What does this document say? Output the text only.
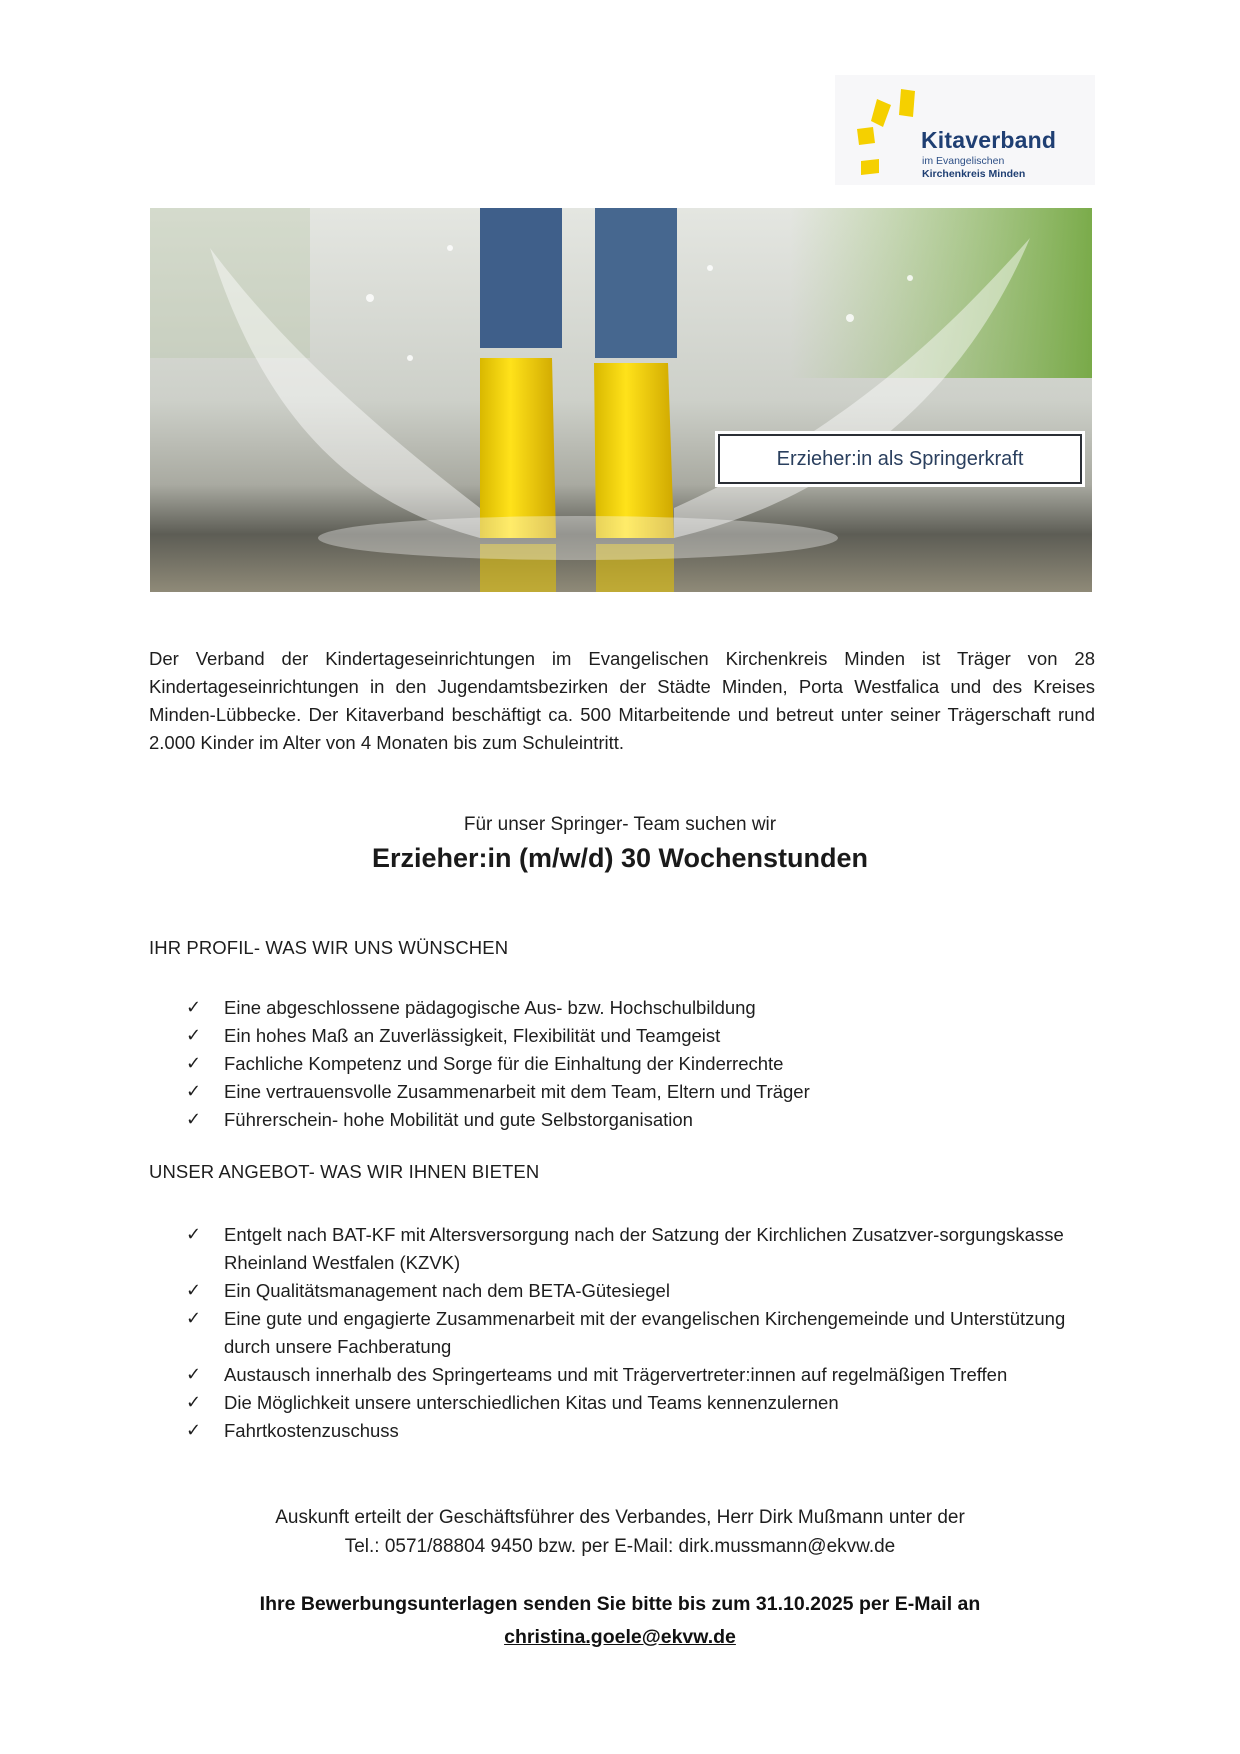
Kitaverband
im Evangelischen
Kirchenkreis Minden
Erzieher:in als Springerkraft
Der Verband der Kindertageseinrichtungen im Evangelischen Kirchenkreis Minden ist Träger von 28 Kindertageseinrichtungen in den Jugendamtsbezirken der Städte Minden, Porta Westfalica und des Kreises Minden-Lübbecke. Der Kitaverband beschäftigt ca. 500 Mitarbeitende und betreut unter seiner Trägerschaft rund 2.000 Kinder im Alter von 4 Monaten bis zum Schuleintritt.
Für unser Springer- Team suchen wir
Erzieher:in (m/w/d) 30 Wochenstunden
IHR PROFIL- WAS WIR UNS WÜNSCHEN
✓ Eine abgeschlossene pädagogische Aus- bzw. Hochschulbildung
✓ Ein hohes Maß an Zuverlässigkeit, Flexibilität und Teamgeist
✓ Fachliche Kompetenz und Sorge für die Einhaltung der Kinderrechte
✓ Eine vertrauensvolle Zusammenarbeit mit dem Team, Eltern und Träger
✓ Führerschein- hohe Mobilität und gute Selbstorganisation
UNSER ANGEBOT- WAS WIR IHNEN BIETEN
✓ Entgelt nach BAT-KF mit Altersversorgung nach der Satzung der Kirchlichen Zusatzver-sorgungskasse Rheinland Westfalen (KZVK)
✓ Ein Qualitätsmanagement nach dem BETA-Gütesiegel
✓ Eine gute und engagierte Zusammenarbeit mit der evangelischen Kirchengemeinde und Unterstützung durch unsere Fachberatung
✓ Austausch innerhalb des Springerteams und mit Trägervertreter:innen auf regelmäßigen Treffen
✓ Die Möglichkeit unsere unterschiedlichen Kitas und Teams kennenzulernen
✓ Fahrtkostenzuschuss
Auskunft erteilt der Geschäftsführer des Verbandes, Herr Dirk Mußmann unter der
Tel.: 0571/88804 9450 bzw. per E-Mail: dirk.mussmann@ekvw.de
Ihre Bewerbungsunterlagen senden Sie bitte bis zum 31.10.2025 per E-Mail an
christina.goele@ekvw.de
